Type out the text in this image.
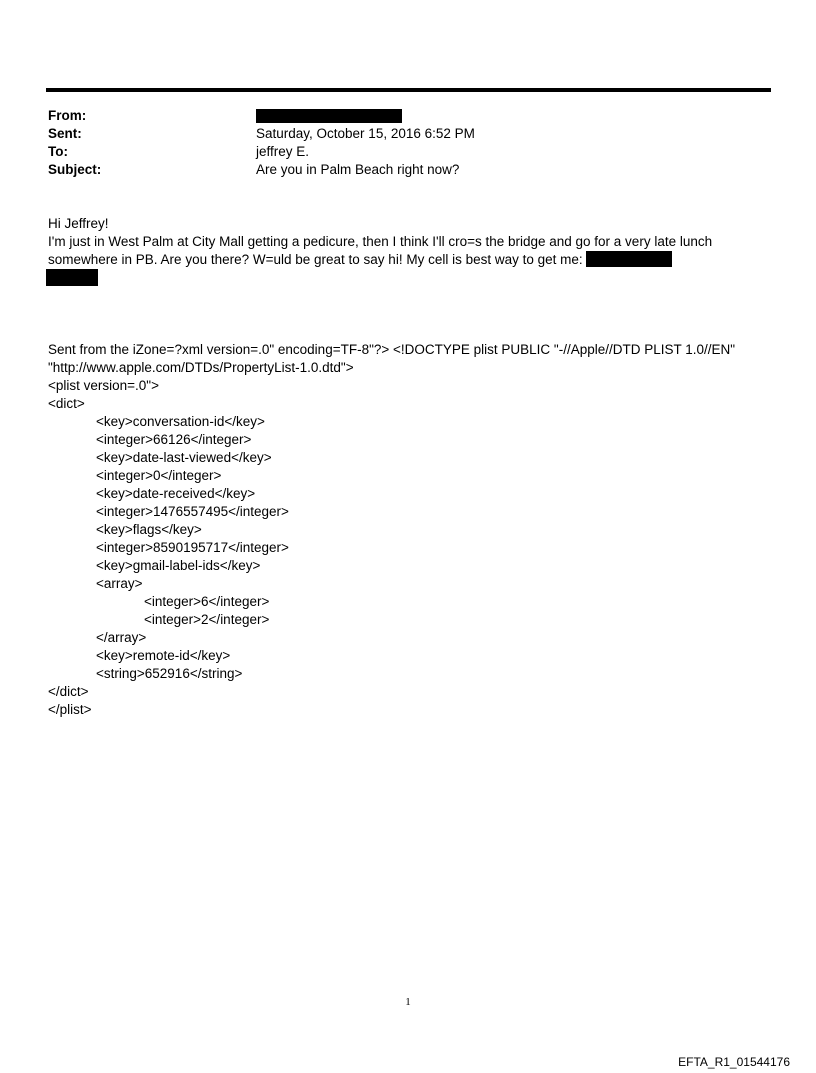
From:
Sent:	Saturday, October 15, 2016 6:52 PM
To:	jeffrey E.
Subject:	Are you in Palm Beach right now?
Hi Jeffrey!
I'm just in West Palm at City Mall getting a pedicure, then I think I'll cro=s the bridge and go for a very late lunch
somewhere in PB. Are you there? W=uld be great to say hi! My cell is best way to get me:
Sent from the iZone=?xml version=.0" encoding=TF-8"?> <!DOCTYPE plist PUBLIC "-//Apple//DTD PLIST 1.0//EN"
"http://www.apple.com/DTDs/PropertyList-1.0.dtd">
<plist version=.0">
<dict>
<key>conversation-id</key>
<integer>66126</integer>
<key>date-last-viewed</key>
<integer>0</integer>
<key>date-received</key>
<integer>1476557495</integer>
<key>flags</key>
<integer>8590195717</integer>
<key>gmail-label-ids</key>
<array>
<integer>6</integer>
<integer>2</integer>
</array>
<key>remote-id</key>
<string>652916</string>
</dict>
</plist>
1
EFTA_R1_01544176
